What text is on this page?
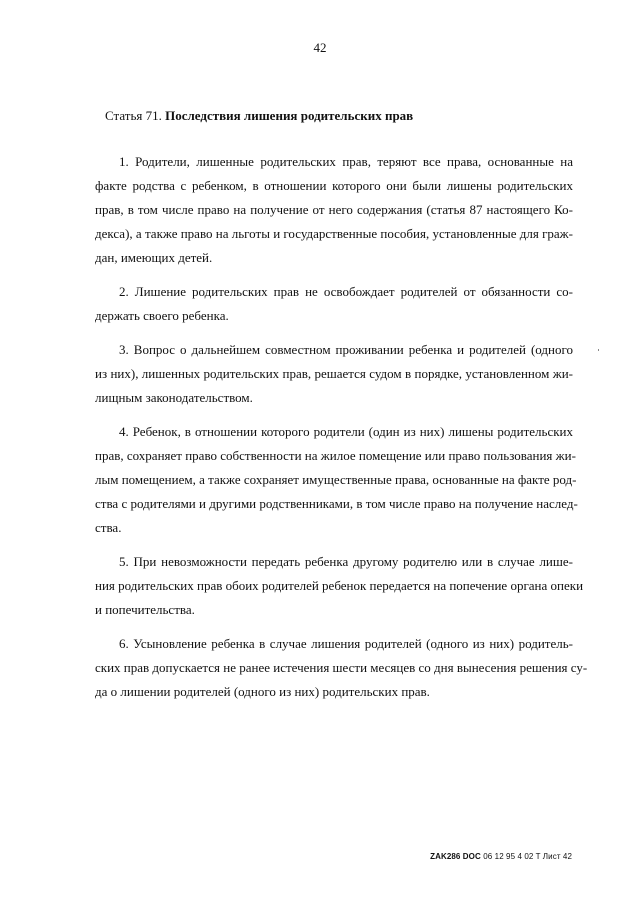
42
Статья 71. Последствия лишения родительских прав

1. Родители, лишенные родительских прав, теряют все права, основанные на
факте родства с ребенком, в отношении которого они были лишены родительских
прав, в том числе право на получение от него содержания (статья 87 настоящего Ко-
декса), а также право на льготы и государственные пособия, установленные для граж-
дан, имеющих детей.

2. Лишение родительских прав не освобождает родителей от обязанности со-
держать своего ребенка.

3. Вопрос о дальнейшем совместном проживании ребенка и родителей (одного
из них), лишенных родительских прав, решается судом в порядке, установленном жи-
лищным законодательством.

4. Ребенок, в отношении которого родители (один из них) лишены родительских
прав, сохраняет право собственности на жилое помещение или право пользования жи-
лым помещением, а также сохраняет имущественные права, основанные на факте род-
ства с родителями и другими родственниками, в том числе право на получение наслед-
ства.

5. При невозможности передать ребенка другому родителю или в случае лише-
ния родительских прав обоих родителей ребенок передается на попечение органа опеки
и попечительства.

6. Усыновление ребенка в случае лишения родителей (одного из них) родитель-
ских прав допускается не ранее истечения шести месяцев со дня вынесения решения су-
да о лишении родителей (одного из них) родительских прав.

ZAK286 DOC 06 12 95 4 02 T Лист 42
